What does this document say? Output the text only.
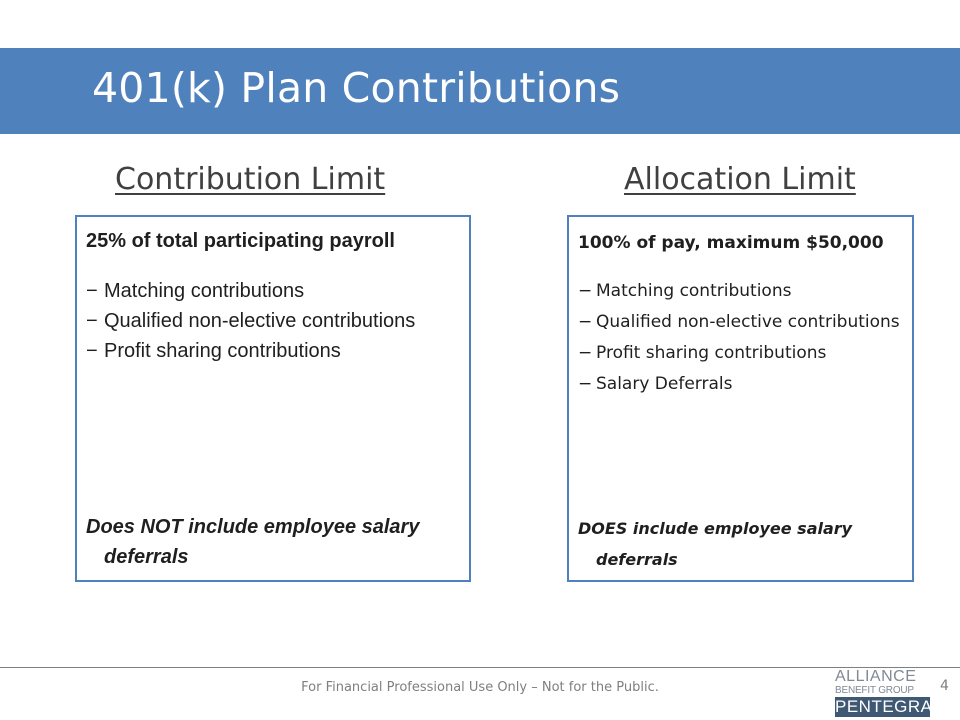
401(k) Plan Contributions
Contribution Limit	Allocation Limit

25% of total participating payroll

− Matching contributions
− Qualified non-elective contributions
− Profit sharing contributions
Does NOT include employee salary deferrals

100% of pay, maximum $50,000

− Matching contributions
− Qualified non-elective contributions
− Profit sharing contributions
− Salary Deferrals
DOES include employee salary deferrals
For Financial Professional Use Only – Not for the Public.
ALLIANCE
BENEFIT GROUP
PENTEGRA
4
